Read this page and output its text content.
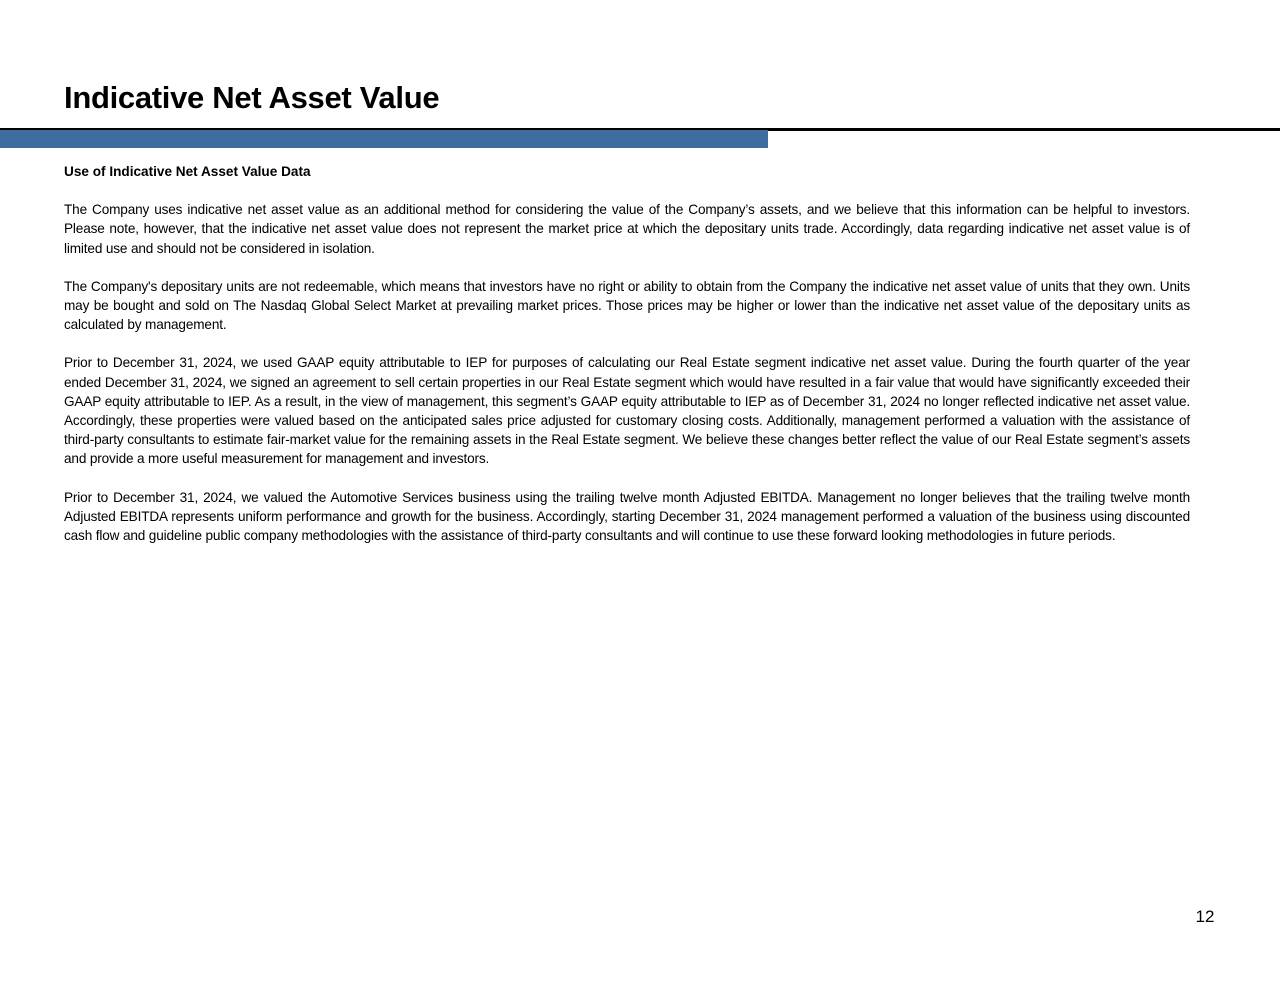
Indicative Net Asset Value
Use of Indicative Net Asset Value Data

The Company uses indicative net asset value as an additional method for considering the value of the Company’s assets, and we believe that this information can be helpful to investors. Please note, however, that the indicative net asset value does not represent the market price at which the depositary units trade. Accordingly, data regarding indicative net asset value is of limited use and should not be considered in isolation.

The Company's depositary units are not redeemable, which means that investors have no right or ability to obtain from the Company the indicative net asset value of units that they own. Units may be bought and sold on The Nasdaq Global Select Market at prevailing market prices. Those prices may be higher or lower than the indicative net asset value of the depositary units as calculated by management.

Prior to December 31, 2024, we used GAAP equity attributable to IEP for purposes of calculating our Real Estate segment indicative net asset value. During the fourth quarter of the year ended December 31, 2024, we signed an agreement to sell certain properties in our Real Estate segment which would have resulted in a fair value that would have significantly exceeded their GAAP equity attributable to IEP. As a result, in the view of management, this segment’s GAAP equity attributable to IEP as of December 31, 2024 no longer reflected indicative net asset value. Accordingly, these properties were valued based on the anticipated sales price adjusted for customary closing costs. Additionally, management performed a valuation with the assistance of third-party consultants to estimate fair-market value for the remaining assets in the Real Estate segment. We believe these changes better reflect the value of our Real Estate segment’s assets and provide a more useful measurement for management and investors.

Prior to December 31, 2024, we valued the Automotive Services business using the trailing twelve month Adjusted EBITDA. Management no longer believes that the trailing twelve month Adjusted EBITDA represents uniform performance and growth for the business. Accordingly, starting December 31, 2024 management performed a valuation of the business using discounted cash flow and guideline public company methodologies with the assistance of third-party consultants and will continue to use these forward looking methodologies in future periods.

12
